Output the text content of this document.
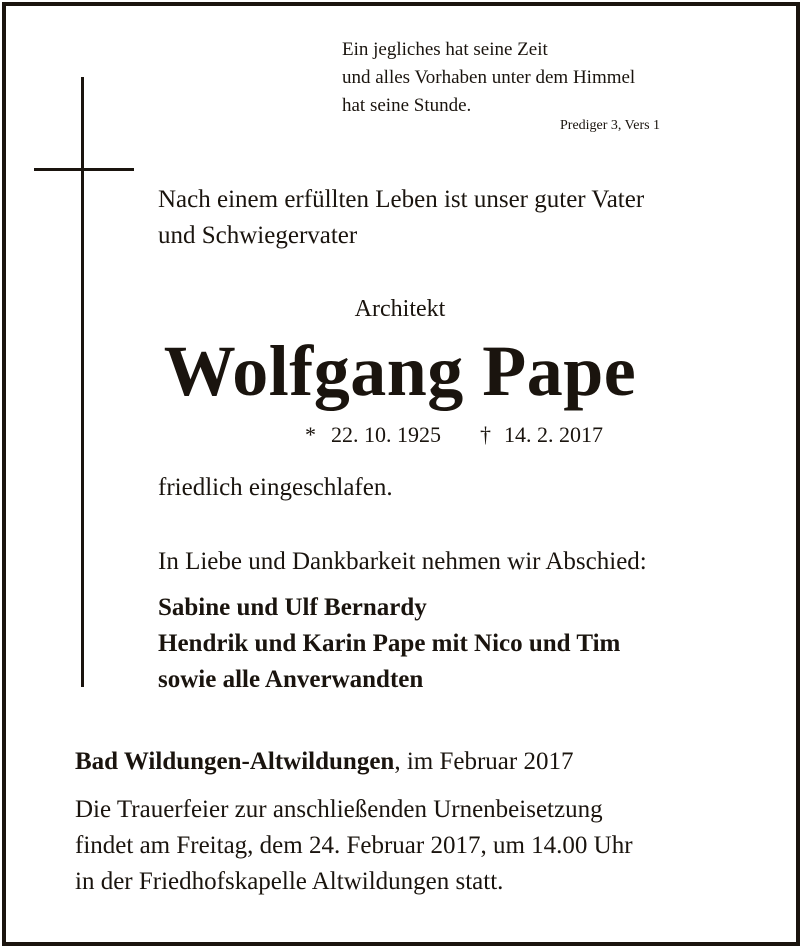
Ein jegliches hat seine Zeit
und alles Vorhaben unter dem Himmel
hat seine Stunde.
Prediger 3, Vers 1
Nach einem erfüllten Leben ist unser guter Vater
und Schwiegervater
Architekt
Wolfgang Pape
* 22. 10. 1925 † 14. 2. 2017
friedlich eingeschlafen.
In Liebe und Dankbarkeit nehmen wir Abschied:
Sabine und Ulf Bernardy
Hendrik und Karin Pape mit Nico und Tim
sowie alle Anverwandten
Bad Wildungen-Altwildungen, im Februar 2017
Die Trauerfeier zur anschließenden Urnenbeisetzung
findet am Freitag, dem 24. Februar 2017, um 14.00 Uhr
in der Friedhofskapelle Altwildungen statt.
